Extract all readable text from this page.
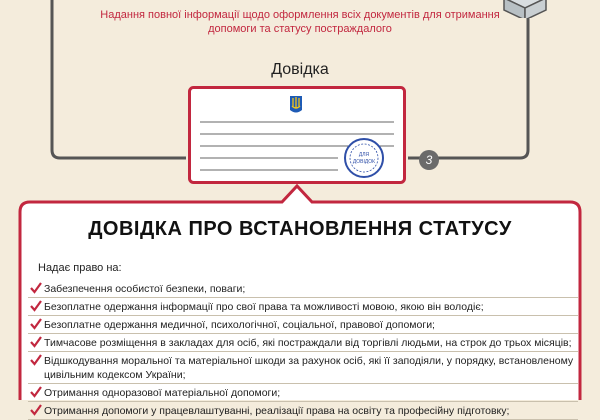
Надання повної інформації щодо оформлення всіх документів для отримання
допомоги та статусу постраждалого
Довідка
ДЛЯ
ДОВІДОК	3
ДОВІДКА ПРО ВСТАНОВЛЕННЯ СТАТУСУ
Надає право на:
Забезпечення особистої безпеки, поваги;
Безоплатне одержання інформації про свої права та можливості мовою, якою він володіє;
Безоплатне одержання медичної, психологічної, соціальної, правової допомоги;
Тимчасове розміщення в закладах для осіб, які постраждали від торгівлі людьми, на строк до трьох місяців;
Відшкодування моральної та матеріальної шкоди за рахунок осіб, які її заподіяли, у порядку, встановленому
цивільним кодексом України;
Отримання одноразової матеріальної допомоги;
Отримання допомоги у працевлаштуванні, реалізації права на освіту та професійну підготовку;
